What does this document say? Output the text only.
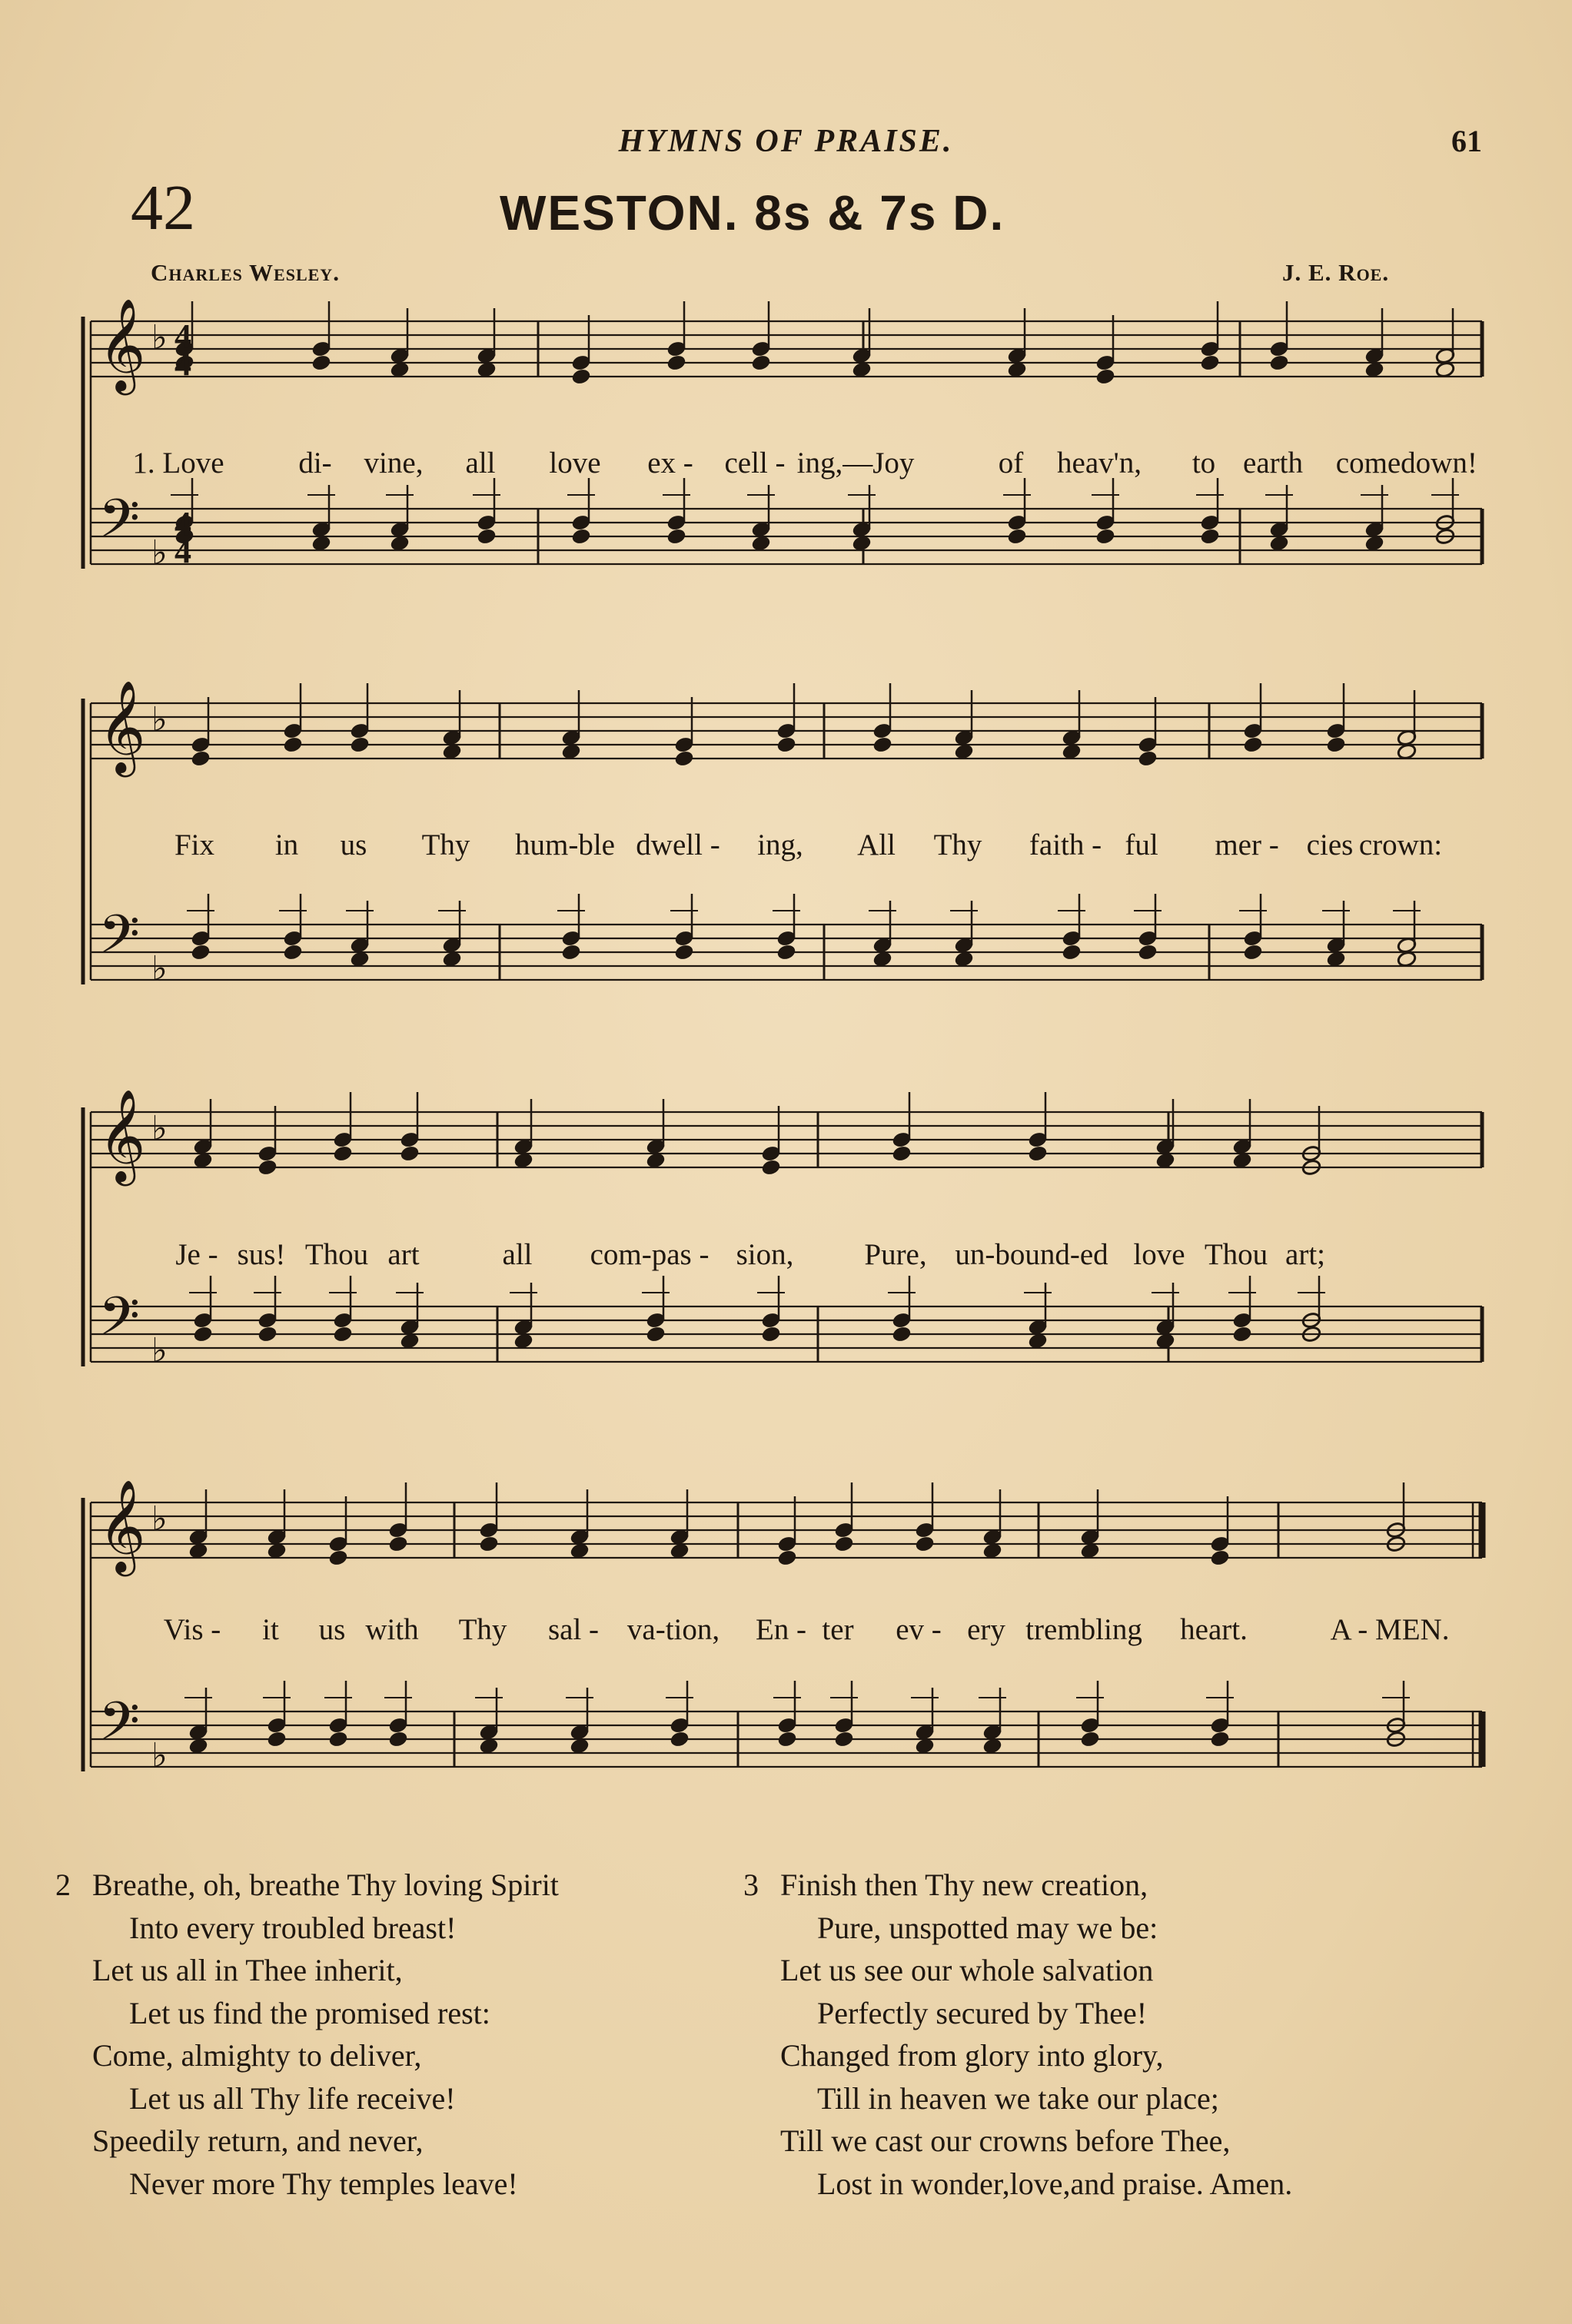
HYMNS OF PRAISE.	61
42	WESTON. 8s & 7s D.
Charles Wesley.	J. E. Roe.
𝄞
𝄢
♭
♭
4
4
4
4
𝄞
𝄢
♭
♭
𝄞
𝄢
♭
♭
𝄞
𝄢
♭
♭
1. Love di- vine, all love ex - cell - ing,—Joy	of heav'n, to earth come down!
Fix in us Thy hum-ble dwell - ing, All Thy faith - ful mer - cies crown:
Je - sus! Thou art	all com-pas - sion, Pure, un-bound-ed love Thou art;
Vis - it us with Thy sal - va-tion, En - ter ev - ery trembling heart.	A - MEN.
2 Breathe, oh, breathe Thy loving Spirit
Into every troubled breast!
Let us all in Thee inherit,
Let us find the promised rest:
Come, almighty to deliver,
Let us all Thy life receive!
Speedily return, and never,
Never more Thy temples leave!
3 Finish then Thy new creation,
Pure, unspotted may we be:
Let us see our whole salvation
Perfectly secured by Thee!
Changed from glory into glory,
Till in heaven we take our place;
Till we cast our crowns before Thee,
Lost in wonder,love,and praise. Amen.
